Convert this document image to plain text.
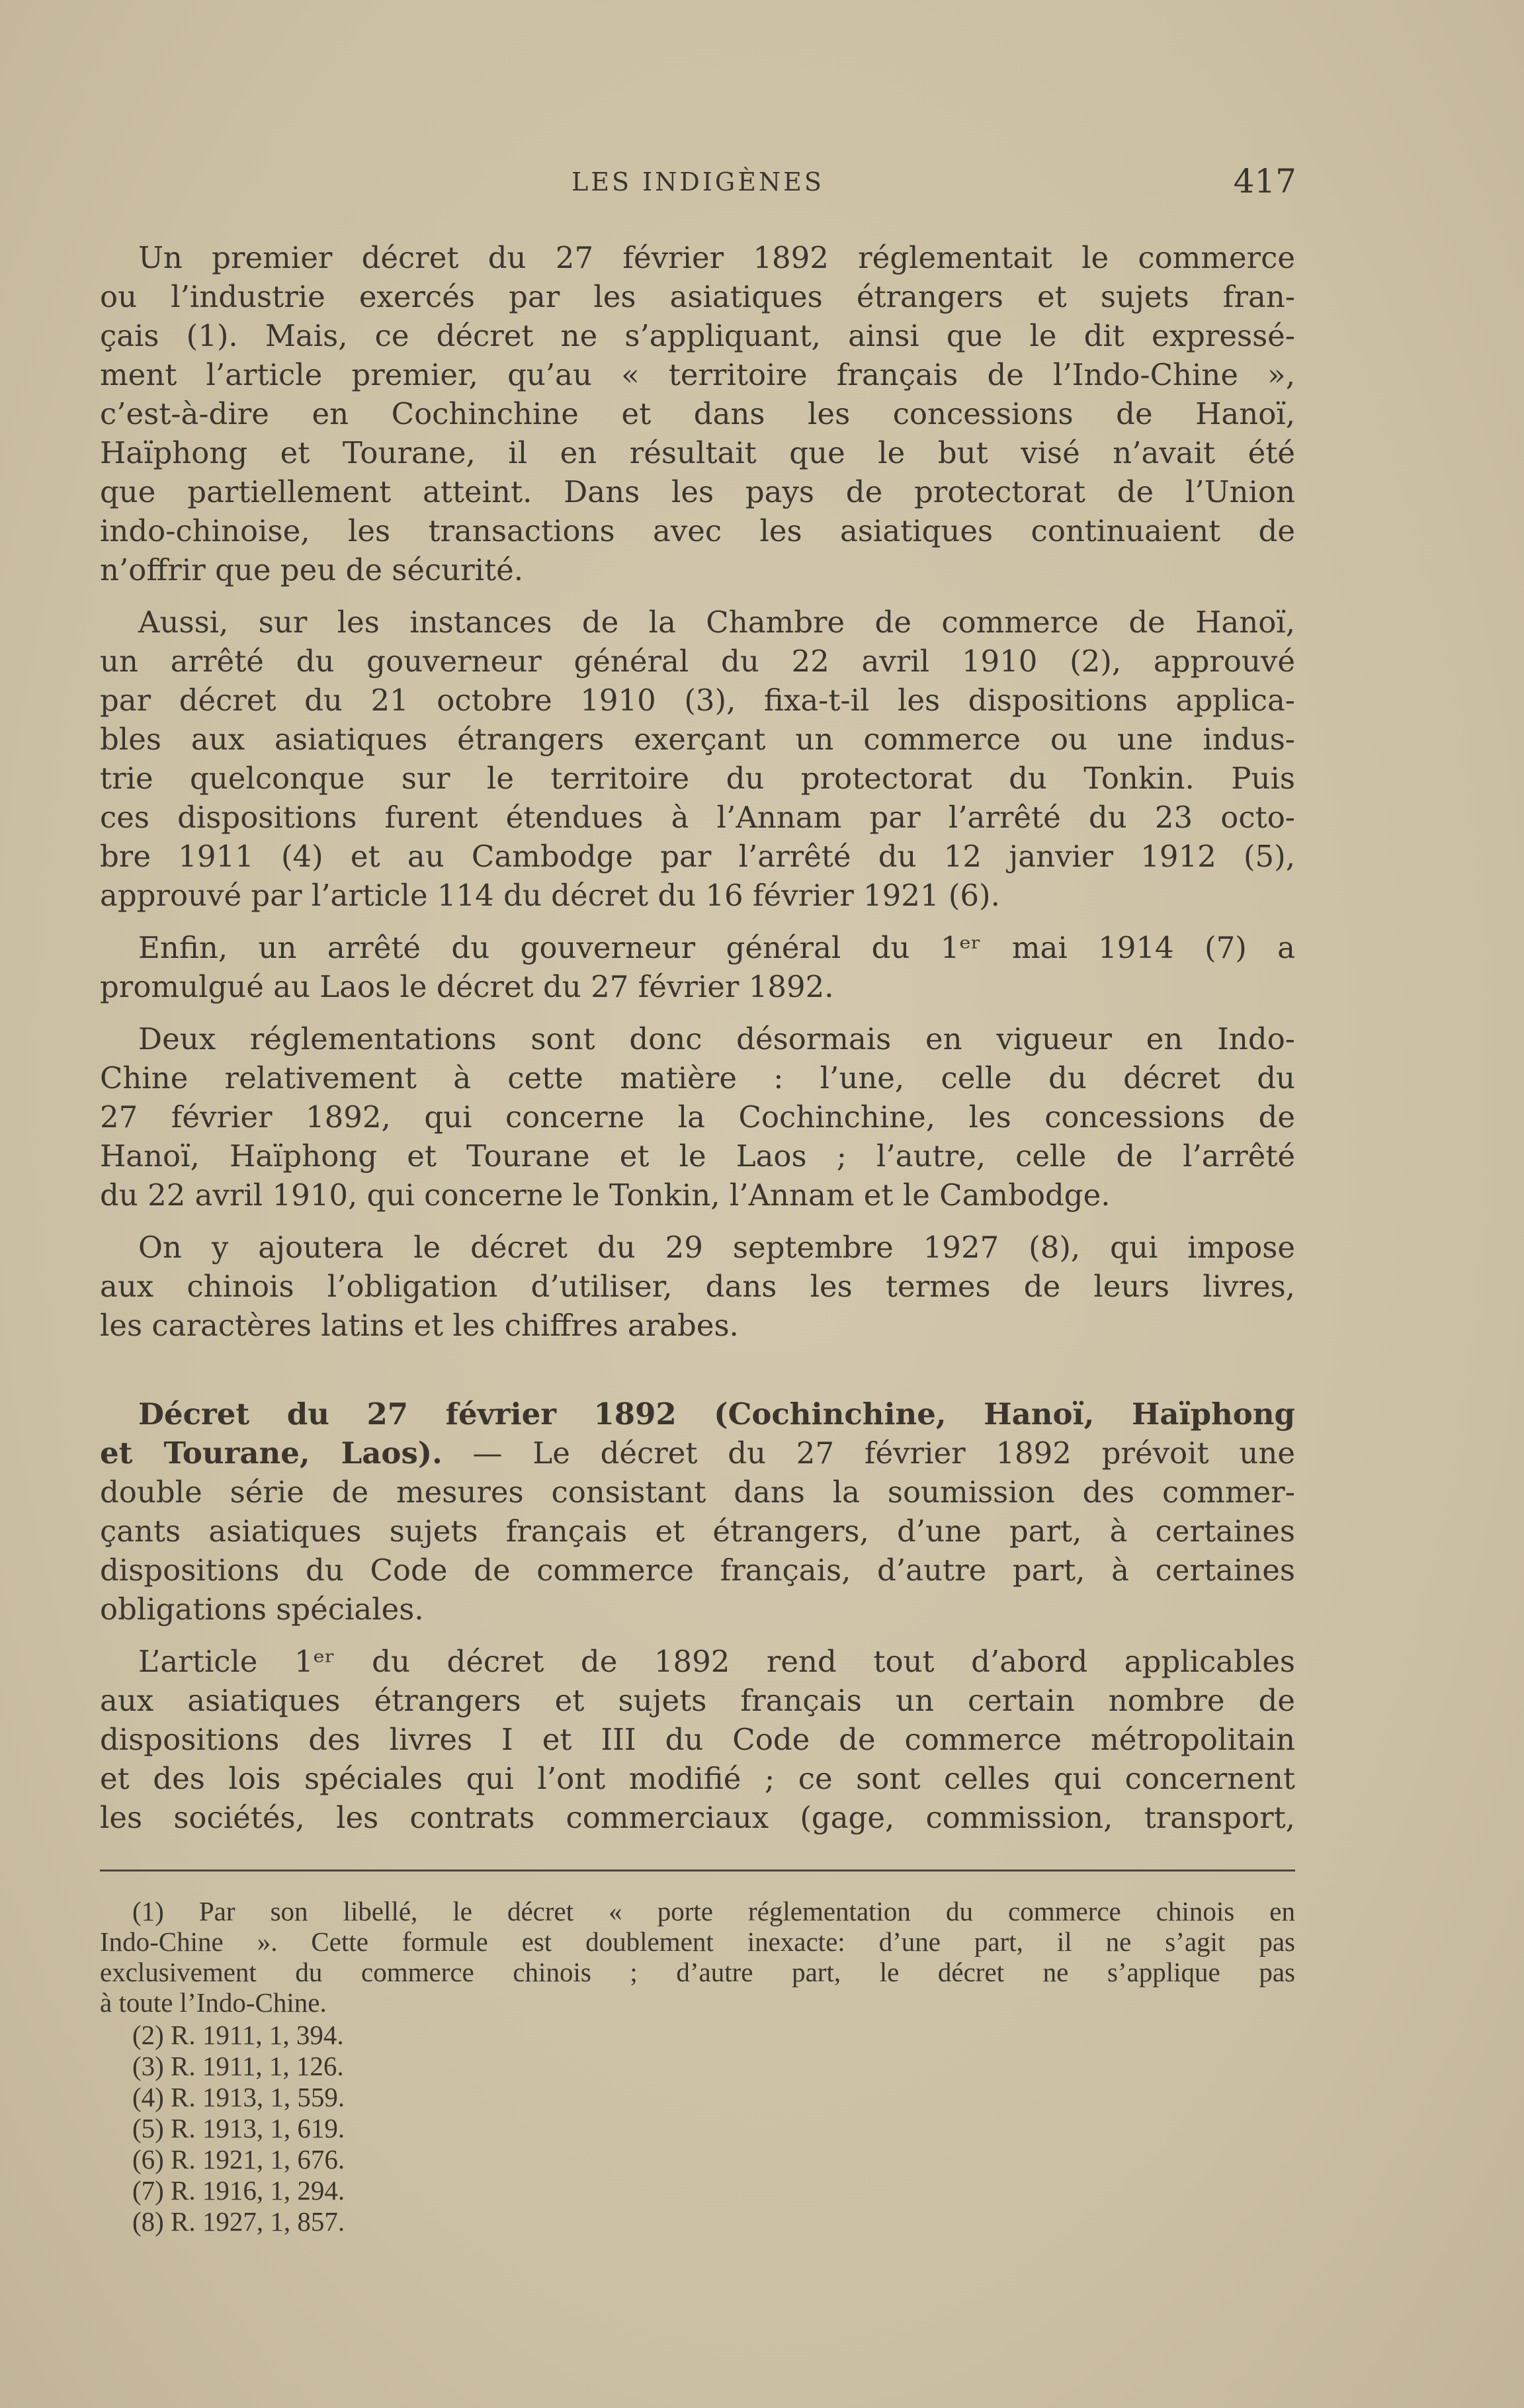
LES INDIGÈNES	417
Un premier décret du 27 février 1892 réglementait le commerce
ou l’industrie exercés par les asiatiques étrangers et sujets fran-
çais (1). Mais, ce décret ne s’appliquant, ainsi que le dit expressé-
ment l’article premier, qu’au « territoire français de l’Indo-Chine »,
c’est-à-dire en Cochinchine et dans les concessions de Hanoï,
Haïphong et Tourane, il en résultait que le but visé n’avait été
que partiellement atteint. Dans les pays de protectorat de l’Union
indo-chinoise, les transactions avec les asiatiques continuaient de
n’offrir que peu de sécurité.
Aussi, sur les instances de la Chambre de commerce de Hanoï,
un arrêté du gouverneur général du 22 avril 1910 (2), approuvé
par décret du 21 octobre 1910 (3), fixa-t-il les dispositions applica-
bles aux asiatiques étrangers exerçant un commerce ou une indus-
trie quelconque sur le territoire du protectorat du Tonkin. Puis
ces dispositions furent étendues à l’Annam par l’arrêté du 23 octo-
bre 1911 (4) et au Cambodge par l’arrêté du 12 janvier 1912 (5),
approuvé par l’article 114 du décret du 16 février 1921 (6).
Enfin, un arrêté du gouverneur général du 1ᵉʳ mai 1914 (7) a
promulgué au Laos le décret du 27 février 1892.
Deux réglementations sont donc désormais en vigueur en Indo-
Chine relativement à cette matière : l’une, celle du décret du
27 février 1892, qui concerne la Cochinchine, les concessions de
Hanoï, Haïphong et Tourane et le Laos ; l’autre, celle de l’arrêté
du 22 avril 1910, qui concerne le Tonkin, l’Annam et le Cambodge.
On y ajoutera le décret du 29 septembre 1927 (8), qui impose
aux chinois l’obligation d’utiliser, dans les termes de leurs livres,
les caractères latins et les chiffres arabes.
Décret du 27 février 1892 (Cochinchine, Hanoï, Haïphong
et Tourane, Laos). — Le décret du 27 février 1892 prévoit une
double série de mesures consistant dans la soumission des commer-
çants asiatiques sujets français et étrangers, d’une part, à certaines
dispositions du Code de commerce français, d’autre part, à certaines
obligations spéciales.
L’article 1ᵉʳ du décret de 1892 rend tout d’abord applicables
aux asiatiques étrangers et sujets français un certain nombre de
dispositions des livres I et III du Code de commerce métropolitain
et des lois spéciales qui l’ont modifié ; ce sont celles qui concernent
les sociétés, les contrats commerciaux (gage, commission, transport,
(1) Par son libellé, le décret « porte réglementation du commerce chinois en
Indo-Chine ». Cette formule est doublement inexacte: d’une part, il ne s’agit pas
exclusivement du commerce chinois ; d’autre part, le décret ne s’applique pas
à toute l’Indo-Chine.
(2) R. 1911, 1, 394.
(3) R. 1911, 1, 126.
(4) R. 1913, 1, 559.
(5) R. 1913, 1, 619.
(6) R. 1921, 1, 676.
(7) R. 1916, 1, 294.
(8) R. 1927, 1, 857.
